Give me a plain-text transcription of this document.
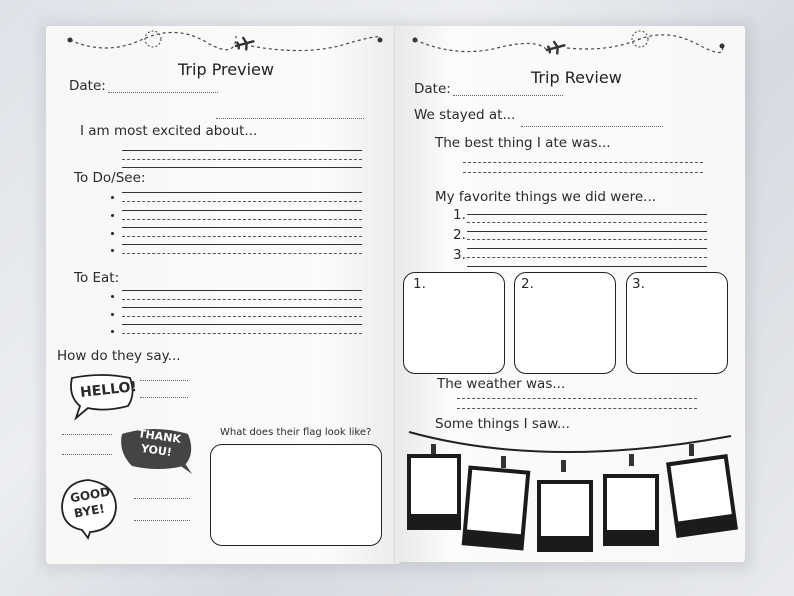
Trip Preview
Date:
I am most excited about...
To Do/See:
To Eat:
How do they say...
HELLO!
THANK
YOU!
GOOD
BYE!
What does their flag look like?
Trip Review
Date:
We stayed at...
The best thing I ate was...
My favorite things we did were...
1.
2.
3.
1.	2.	3.
The weather was...
Some things I saw...
